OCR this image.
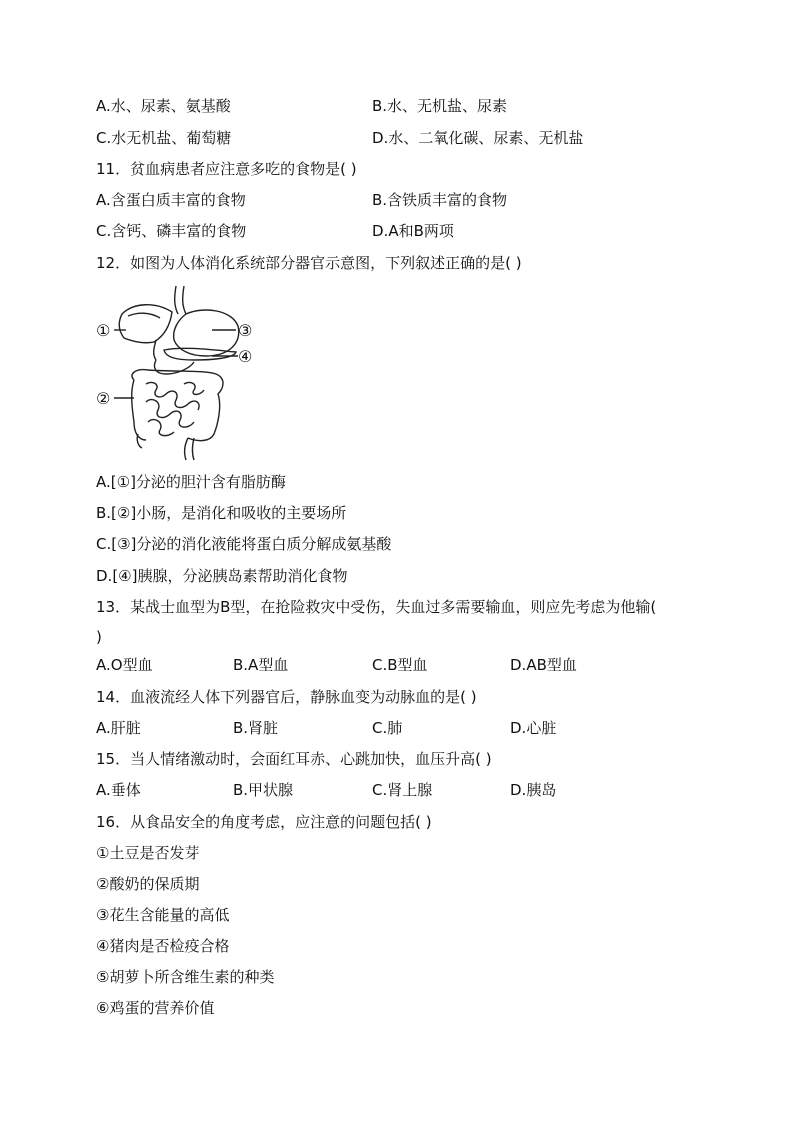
A.水、尿素、氨基酸	B.水、无机盐、尿素
C.水无机盐、葡萄糖	D.水、二氧化碳、尿素、无机盐
11．贫血病患者应注意多吃的食物是( )
A.含蛋白质丰富的食物	B.含铁质丰富的食物
C.含钙、磷丰富的食物	D.A和B两项
12．如图为人体消化系统部分器官示意图，下列叙述正确的是( )
①
②
③
④
A.[①]分泌的胆汁含有脂肪酶
B.[②]小肠，是消化和吸收的主要场所
C.[③]分泌的消化液能将蛋白质分解成氨基酸
D.[④]胰腺，分泌胰岛素帮助消化食物
13．某战士血型为B型，在抢险救灾中受伤，失血过多需要输血，则应先考虑为他输(
)
A.O型血	B.A型血	C.B型血	D.AB型血
14．血液流经人体下列器官后，静脉血变为动脉血的是( )
A.肝脏	B.肾脏	C.肺	D.心脏
15．当人情绪激动时，会面红耳赤、心跳加快，血压升高( )
A.垂体	B.甲状腺	C.肾上腺	D.胰岛
16．从食品安全的角度考虑，应注意的问题包括( )
①土豆是否发芽
②酸奶的保质期
③花生含能量的高低
④猪肉是否检疫合格
⑤胡萝卜所含维生素的种类
⑥鸡蛋的营养价值
